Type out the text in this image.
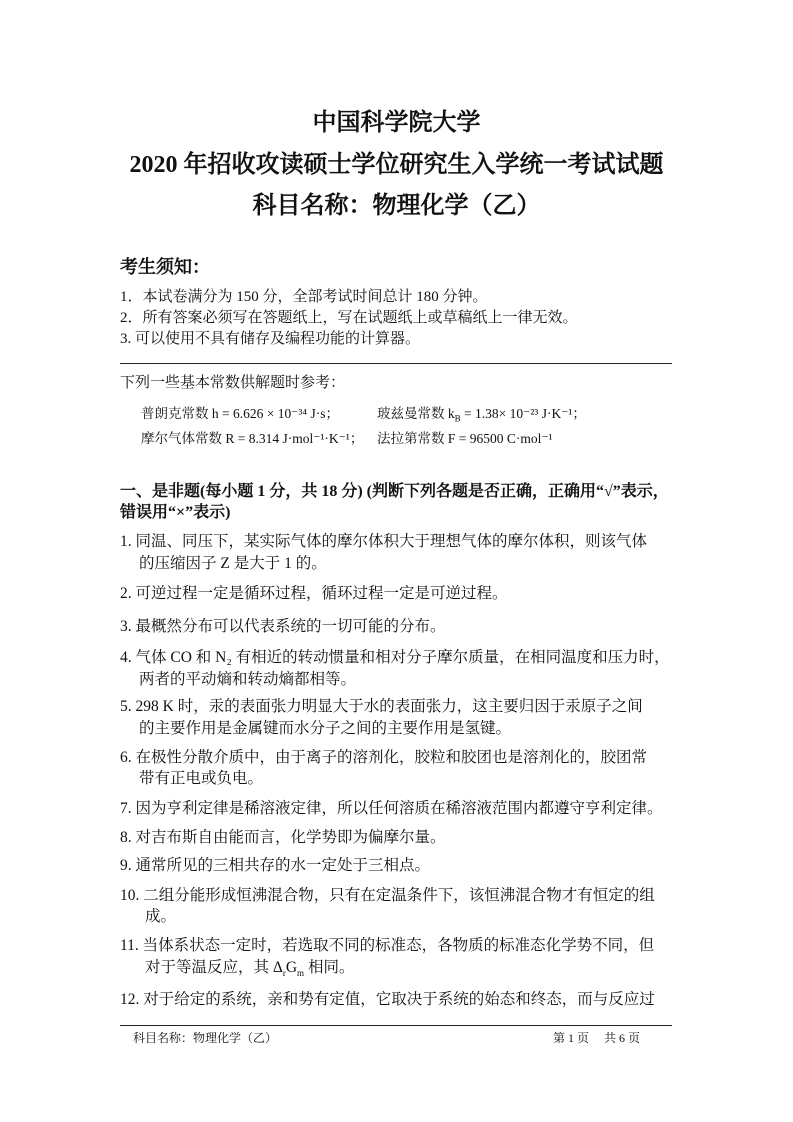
中国科学院大学
2020 年招收攻读硕士学位研究生入学统一考试试题
科目名称：物理化学（乙）
考生须知：
1．本试卷满分为 150 分，全部考试时间总计 180 分钟。
2．所有答案必须写在答题纸上，写在试题纸上或草稿纸上一律无效。
3. 可以使用不具有储存及编程功能的计算器。
下列一些基本常数供解题时参考：
普朗克常数 h = 6.626 × 10⁻³⁴ J·s；	玻兹曼常数 $k_B = 1.38\times 10^{-23}$ J·K⁻¹；
摩尔气体常数 R = 8.314 J·mol⁻¹·K⁻¹； 法拉第常数 F = 96500 C·mol⁻¹
一、是非题(每小题 1 分，共 18 分) (判断下列各题是否正确，正确用“√”表示，
错误用“×”表示)
1. 同温、同压下，某实际气体的摩尔体积大于理想气体的摩尔体积，则该气体
的压缩因子 Z 是大于 1 的。
2. 可逆过程一定是循环过程，循环过程一定是可逆过程。
3. 最概然分布可以代表系统的一切可能的分布。
4. 气体 CO 和 N₂ 有相近的转动惯量和相对分子摩尔质量，在相同温度和压力时，
两者的平动熵和转动熵都相等。
5. 298 K 时，汞的表面张力明显大于水的表面张力，这主要归因于汞原子之间
的主要作用是金属键而水分子之间的主要作用是氢键。
6. 在极性分散介质中，由于离子的溶剂化，胶粒和胶团也是溶剂化的，胶团常
带有正电或负电。
7. 因为亨利定律是稀溶液定律，所以任何溶质在稀溶液范围内都遵守亨利定律。
8. 对吉布斯自由能而言，化学势即为偏摩尔量。
9. 通常所见的三相共存的水一定处于三相点。
10. 二组分能形成恒沸混合物，只有在定温条件下，该恒沸混合物才有恒定的组
成。
11. 当体系状态一定时，若选取不同的标准态，各物质的标准态化学势不同，但
对于等温反应，其 $\Delta_rG_m$ 相同。
12. 对于给定的系统，亲和势有定值，它取决于系统的始态和终态，而与反应过
科目名称：物理化学（乙）	第 1 页　 共 6 页
